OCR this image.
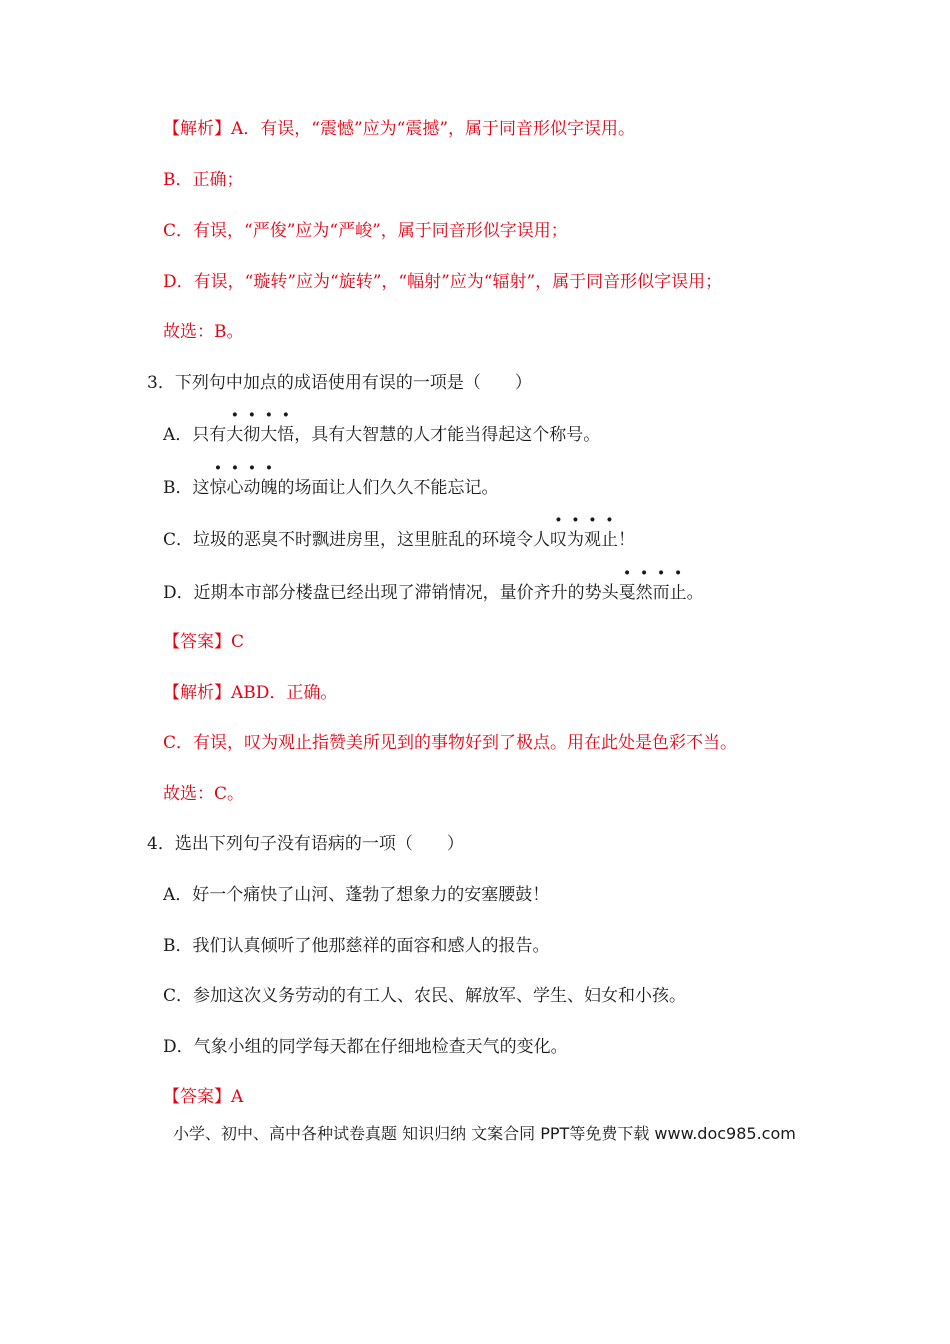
【解析】A．有误，“震憾”应为“震撼”，属于同音形似字误用。
B．正确；
C．有误，“严俊”应为“严峻”，属于同音形似字误用；
D．有误，“璇转”应为“旋转”，“幅射”应为“辐射”，属于同音形似字误用；
故选：B。
3．下列句中加点的成语使用有误的一项是（　　）
A．只有大彻大悟，具有大智慧的人才能当得起这个称号。
B．这惊心动魄的场面让人们久久不能忘记。
C．垃圾的恶臭不时飘进房里，这里脏乱的环境令人叹为观止！
D．近期本市部分楼盘已经出现了滞销情况，量价齐升的势头戛然而止。
【答案】C
【解析】ABD．正确。
C．有误，叹为观止指赞美所见到的事物好到了极点。用在此处是色彩不当。
故选：C。
4．选出下列句子没有语病的一项（　　）
A．好一个痛快了山河、蓬勃了想象力的安塞腰鼓！
B．我们认真倾听了他那慈祥的面容和感人的报告。
C．参加这次义务劳动的有工人、农民、解放军、学生、妇女和小孩。
D．气象小组的同学每天都在仔细地检查天气的变化。
【答案】A
小学、初中、高中各种试卷真题 知识归纳 文案合同 PPT等免费下载 www.doc985.com
